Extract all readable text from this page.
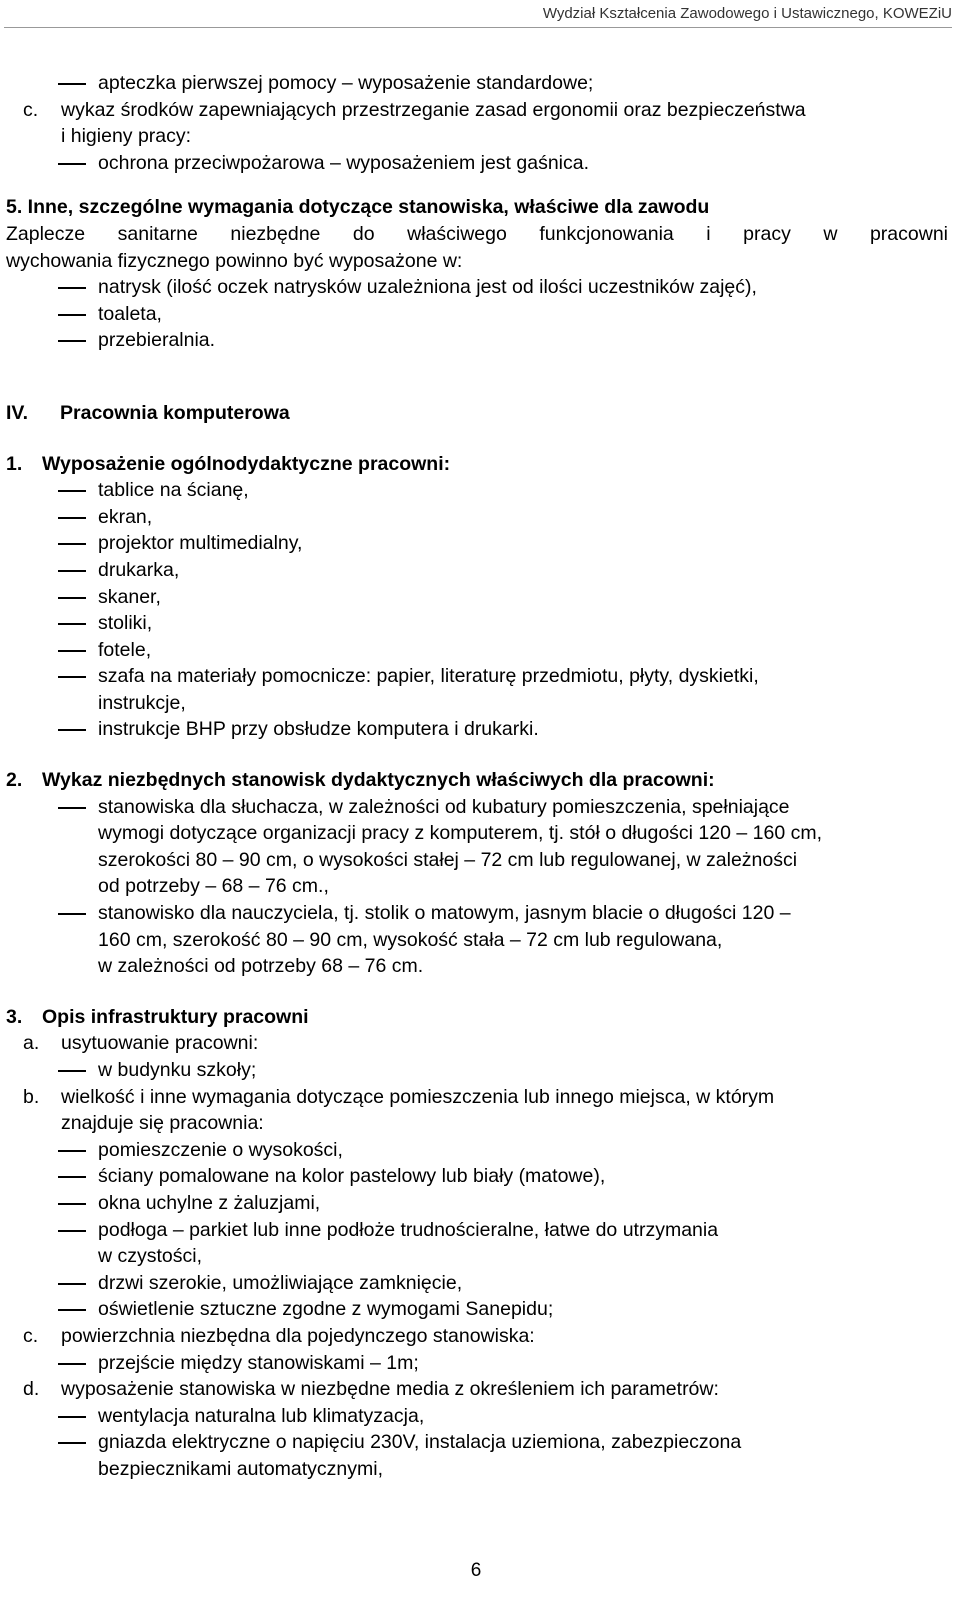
Wydział Kształcenia Zawodowego i Ustawicznego, KOWEZiU
apteczka pierwszej pomocy – wyposażenie standardowe;
c. wykaz środków zapewniających przestrzeganie zasad ergonomii oraz bezpieczeństwa
i higieny pracy:
ochrona przeciwpożarowa – wyposażeniem jest gaśnica.
5. Inne, szczególne wymagania dotyczące stanowiska, właściwe dla zawodu
Zaplecze sanitarne niezbędne do właściwego funkcjonowania i pracy w pracowni
wychowania fizycznego powinno być wyposażone w:
natrysk (ilość oczek natrysków uzależniona jest od ilości uczestników zajęć),
toaleta,
przebieralnia.
IV. Pracownia komputerowa
1. Wyposażenie ogólnodydaktyczne pracowni:
tablice na ścianę,
ekran,
projektor multimedialny,
drukarka,
skaner,
stoliki,
fotele,
szafa na materiały pomocnicze: papier, literaturę przedmiotu, płyty, dyskietki,
instrukcje,
instrukcje BHP przy obsłudze komputera i drukarki.
2. Wykaz niezbędnych stanowisk dydaktycznych właściwych dla pracowni:
stanowiska dla słuchacza, w zależności od kubatury pomieszczenia, spełniające
wymogi dotyczące organizacji pracy z komputerem, tj. stół o długości 120 – 160 cm,
szerokości 80 – 90 cm, o wysokości stałej – 72 cm lub regulowanej, w zależności
od potrzeby – 68 – 76 cm.,
stanowisko dla nauczyciela, tj. stolik o matowym, jasnym blacie o długości 120 –
160 cm, szerokość 80 – 90 cm, wysokość stała – 72 cm lub regulowana,
w zależności od potrzeby 68 – 76 cm.
3. Opis infrastruktury pracowni
a. usytuowanie pracowni:
w budynku szkoły;
b. wielkość i inne wymagania dotyczące pomieszczenia lub innego miejsca, w którym
znajduje się pracownia:
pomieszczenie o wysokości,
ściany pomalowane na kolor pastelowy lub biały (matowe),
okna uchylne z żaluzjami,
podłoga – parkiet lub inne podłoże trudnościeralne, łatwe do utrzymania
w czystości,
drzwi szerokie, umożliwiające zamknięcie,
oświetlenie sztuczne zgodne z wymogami Sanepidu;
c. powierzchnia niezbędna dla pojedynczego stanowiska:
przejście między stanowiskami – 1m;
d. wyposażenie stanowiska w niezbędne media z określeniem ich parametrów:
wentylacja naturalna lub klimatyzacja,
gniazda elektryczne o napięciu 230V, instalacja uziemiona, zabezpieczona
bezpiecznikami automatycznymi,
6
